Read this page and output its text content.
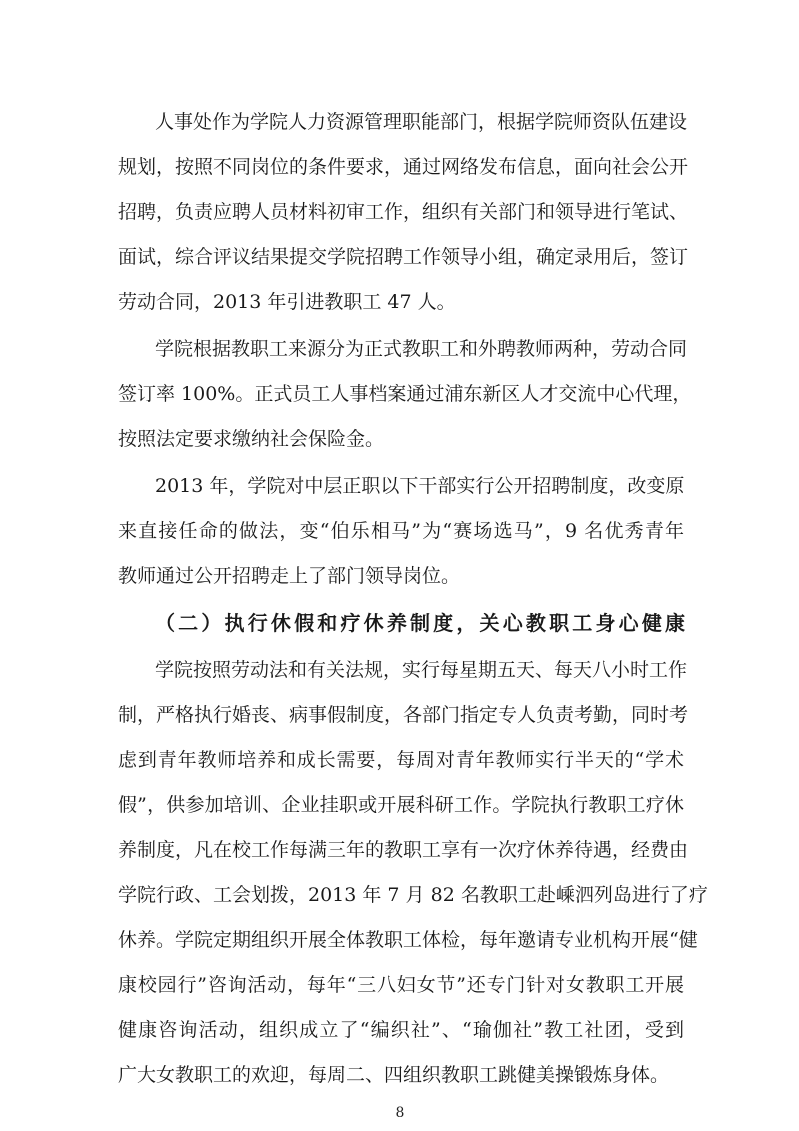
人事处作为学院人力资源管理职能部门，根据学院师资队伍建设
规划，按照不同岗位的条件要求，通过网络发布信息，面向社会公开
招聘，负责应聘人员材料初审工作，组织有关部门和领导进行笔试、
面试，综合评议结果提交学院招聘工作领导小组，确定录用后，签订
劳动合同，2013 年引进教职工 47 人。
学院根据教职工来源分为正式教职工和外聘教师两种，劳动合同
签订率 100%。正式员工人事档案通过浦东新区人才交流中心代理，
按照法定要求缴纳社会保险金。
2013 年，学院对中层正职以下干部实行公开招聘制度，改变原
来直接任命的做法，变“伯乐相马”为“赛场选马”，9 名优秀青年
教师通过公开招聘走上了部门领导岗位。
（二）执行休假和疗休养制度，关心教职工身心健康
学院按照劳动法和有关法规，实行每星期五天、每天八小时工作
制，严格执行婚丧、病事假制度，各部门指定专人负责考勤，同时考
虑到青年教师培养和成长需要，每周对青年教师实行半天的“学术
假”，供参加培训、企业挂职或开展科研工作。学院执行教职工疗休
养制度，凡在校工作每满三年的教职工享有一次疗休养待遇，经费由
学院行政、工会划拨，2013 年 7 月 82 名教职工赴嵊泗列岛进行了疗
休养。学院定期组织开展全体教职工体检，每年邀请专业机构开展“健
康校园行”咨询活动，每年“三八妇女节”还专门针对女教职工开展
健康咨询活动，组织成立了“编织社”、“瑜伽社”教工社团，受到
广大女教职工的欢迎，每周二、四组织教职工跳健美操锻炼身体。
8
